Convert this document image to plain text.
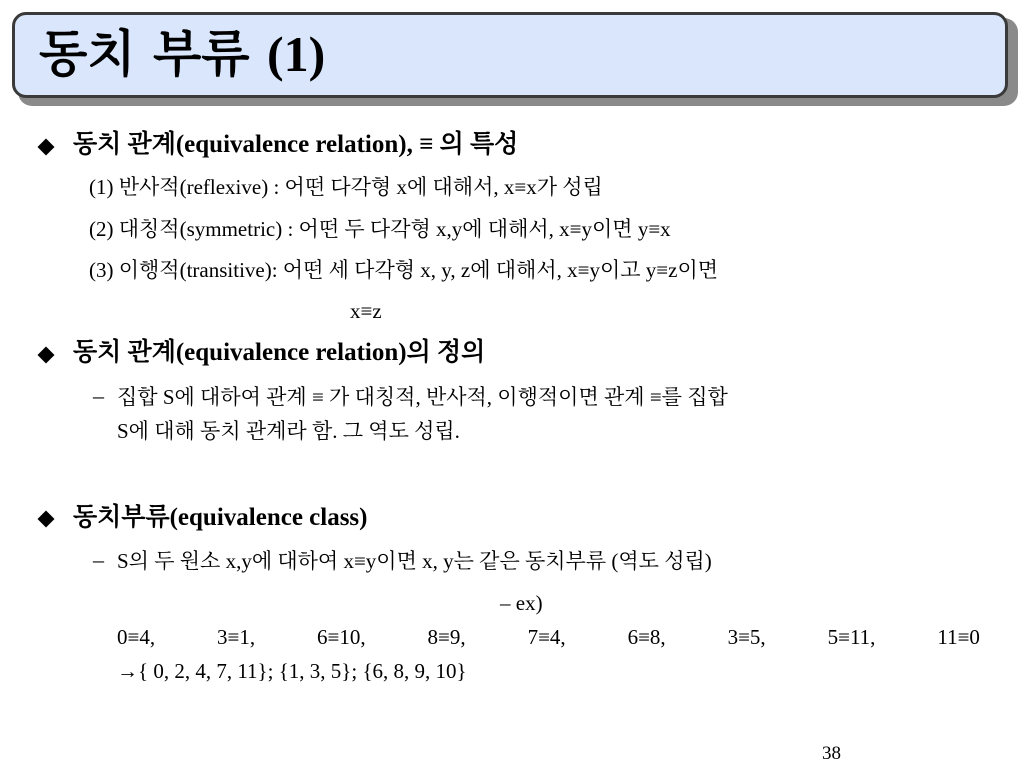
동치 부류 (1)
동치 관계(equivalence relation), ≡ 의 특성
(1) 반사적(reflexive) : 어떤 다각형 x에 대해서, x≡x가 성립
(2) 대칭적(symmetric) : 어떤 두 다각형 x,y에 대해서, x≡y이면 y≡x
(3) 이행적(transitive): 어떤 세 다각형 x, y, z에 대해서, x≡y이고 y≡z이면
x≡z
동치 관계(equivalence relation)의 정의
– 집합 S에 대하여 관계 ≡ 가 대칭적, 반사적, 이행적이면 관계 ≡를 집합
S에 대해 동치 관계라 함. 그 역도 성립.
동치부류(equivalence class)
– S의 두 원소 x,y에 대하여 x≡y이면 x, y는 같은 동치부류 (역도 성립)
– ex)
0≡4,	3≡1,	6≡10,	8≡9,	7≡4,	6≡8,	3≡5,	5≡11,	11≡0
→{ 0, 2, 4, 7, 11}; {1, 3, 5}; {6, 8, 9, 10}
38
